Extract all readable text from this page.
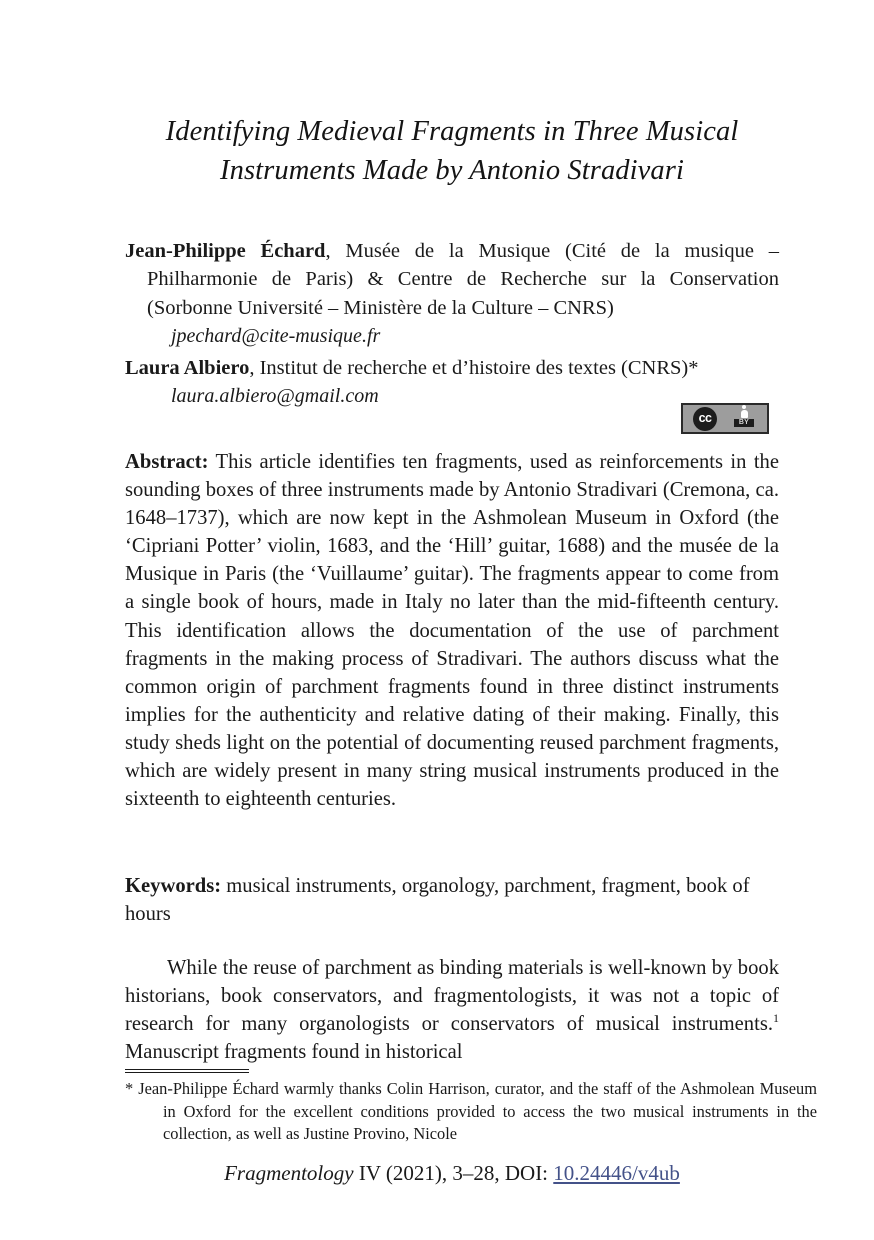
Identifying Medieval Fragments in Three Musical
Instruments Made by Antonio Stradivari
Jean-Philippe Échard, Musée de la Musique (Cité de la musique – Philharmonie de Paris) & Centre de Recherche sur la Conservation (Sorbonne Université – Ministère de la Culture – CNRS)
jpechard@cite-musique.fr
Laura Albiero, Institut de recherche et d’histoire des textes (CNRS)*
laura.albiero@gmail.com
cc	BY
Abstract: This article identifies ten fragments, used as reinforcements in the sounding boxes of three instruments made by Antonio Stradivari (Cremona, ca. 1648–1737), which are now kept in the Ashmolean Museum in Oxford (the ‘Cipriani Potter’ violin, 1683, and the ‘Hill’ guitar, 1688) and the musée de la Musique in Paris (the ‘Vuillaume’ guitar). The fragments appear to come from a single book of hours, made in Italy no later than the mid-fifteenth century. This identification allows the documentation of the use of parchment fragments in the making process of Stradivari. The authors discuss what the common origin of parchment fragments found in three distinct instruments implies for the authenticity and relative dating of their making. Finally, this study sheds light on the potential of documenting reused parchment fragments, which are widely present in many string musical instruments produced in the sixteenth to eighteenth centuries.
Keywords: musical instruments, organology, parchment, fragment, book of hours
While the reuse of parchment as binding materials is well-known by book historians, book conservators, and fragmentologists, it was not a topic of research for many organologists or conservators of musical instruments.$^1$ Manuscript fragments found in historical
* Jean-Philippe Échard warmly thanks Colin Harrison, curator, and the staff of the Ashmolean Museum in Oxford for the excellent conditions provided to access the two musical instruments in the collection, as well as Justine Provino, Nicole
Fragmentology IV (2021), 3–28, DOI: 10.24446/v4ub
